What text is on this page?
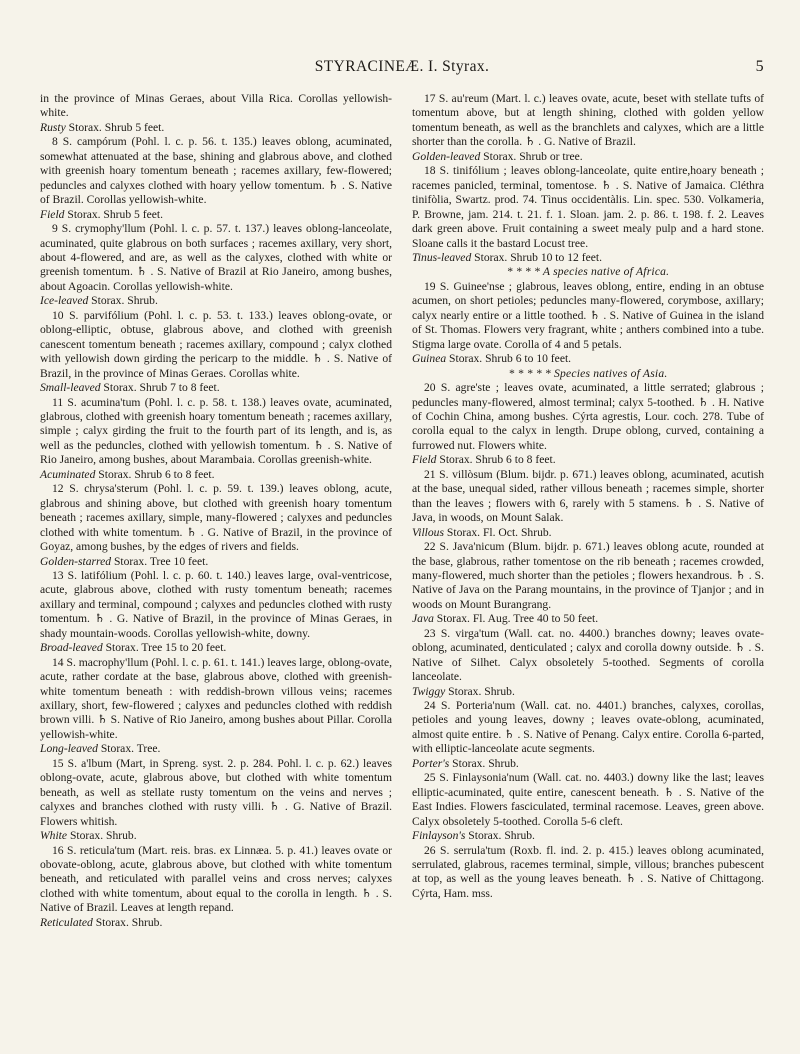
STYRACINEÆ. I. Styrax.	5

in the province of Minas Geraes, about Villa Rica. Corollas yellowish-white.

Rusty Storax. Shrub 5 feet.

8 S. campórum (Pohl. l. c. p. 56. t. 135.) leaves oblong, acuminated, somewhat attenuated at the base, shining and glabrous above, and clothed with greenish hoary tomentum beneath ; racemes axillary, few-flowered; peduncles and calyxes clothed with hoary yellow tomentum. ♄ . S. Native of Brazil. Corollas yellowish-white.

Field Storax. Shrub 5 feet.

9 S. crymophy'llum (Pohl. l. c. p. 57. t. 137.) leaves oblong-lanceolate, acuminated, quite glabrous on both surfaces ; racemes axillary, very short, about 4-flowered, and are, as well as the calyxes, clothed with white or greenish tomentum. ♄ . S. Native of Brazil at Rio Janeiro, among bushes, about Agoacin. Corollas yellowish-white.

Ice-leaved Storax. Shrub.

10 S. parvifólium (Pohl. l. c. p. 53. t. 133.) leaves oblong-ovate, or oblong-elliptic, obtuse, glabrous above, and clothed with greenish canescent tomentum beneath ; racemes axillary, compound ; calyx clothed with yellowish down girding the pericarp to the middle. ♄ . S. Native of Brazil, in the province of Minas Geraes. Corollas white.

Small-leaved Storax. Shrub 7 to 8 feet.

11 S. acumina'tum (Pohl. l. c. p. 58. t. 138.) leaves ovate, acuminated, glabrous, clothed with greenish hoary tomentum beneath ; racemes axillary, simple ; calyx girding the fruit to the fourth part of its length, and is, as well as the peduncles, clothed with yellowish tomentum. ♄ . S. Native of Rio Janeiro, among bushes, about Marambaia. Corollas greenish-white.

Acuminated Storax. Shrub 6 to 8 feet.

12 S. chrysa'sterum (Pohl. l. c. p. 59. t. 139.) leaves oblong, acute, glabrous and shining above, but clothed with greenish hoary tomentum beneath ; racemes axillary, simple, many-flowered ; calyxes and peduncles clothed with white tomentum. ♄ . G. Native of Brazil, in the province of Goyaz, among bushes, by the edges of rivers and fields.

Golden-starred Storax. Tree 10 feet.

13 S. latifólium (Pohl. l. c. p. 60. t. 140.) leaves large, oval-ventricose, acute, glabrous above, clothed with rusty tomentum beneath; racemes axillary and terminal, compound ; calyxes and peduncles clothed with rusty tomentum. ♄ . G. Native of Brazil, in the province of Minas Geraes, in shady mountain-woods. Corollas yellowish-white, downy.

Broad-leaved Storax. Tree 15 to 20 feet.

14 S. macrophy'llum (Pohl. l. c. p. 61. t. 141.) leaves large, oblong-ovate, acute, rather cordate at the base, glabrous above, clothed with greenish-white tomentum beneath : with reddish-brown villous veins; racemes axillary, short, few-flowered ; calyxes and peduncles clothed with reddish brown villi. ♄ S. Native of Rio Janeiro, among bushes about Pillar. Corolla yellowish-white.

Long-leaved Storax. Tree.

15 S. a'lbum (Mart, in Spreng. syst. 2. p. 284. Pohl. l. c. p. 62.) leaves oblong-ovate, acute, glabrous above, but clothed with white tomentum beneath, as well as stellate rusty tomentum on the veins and nerves ; calyxes and branches clothed with rusty villi. ♄ . G. Native of Brazil. Flowers whitish.

White Storax. Shrub.

16 S. reticula'tum (Mart. reis. bras. ex Linnæa. 5. p. 41.) leaves ovate or obovate-oblong, acute, glabrous above, but clothed with white tomentum beneath, and reticulated with parallel veins and cross nerves; calyxes clothed with white tomentum, about equal to the corolla in length. ♄ . S. Native of Brazil. Leaves at length repand.

Reticulated Storax. Shrub.

17 S. au'reum (Mart. l. c.) leaves ovate, acute, beset with stellate tufts of tomentum above, but at length shining, clothed with golden yellow tomentum beneath, as well as the branchlets and calyxes, which are a little shorter than the corolla. ♄ . G. Native of Brazil.

Golden-leaved Storax. Shrub or tree.

18 S. tinifólium ; leaves oblong-lanceolate, quite entire,hoary beneath ; racemes panicled, terminal, tomentose. ♄ . S. Native of Jamaica. Cléthra tinifòlia, Swartz. prod. 74. Tìnus occidentàlis. Lin. spec. 530. Volkameria, P. Browne, jam. 214. t. 21. f. 1. Sloan. jam. 2. p. 86. t. 198. f. 2. Leaves dark green above. Fruit containing a sweet mealy pulp and a hard stone. Sloane calls it the bastard Locust tree.

Tinus-leaved Storax. Shrub 10 to 12 feet.

* * * * A species native of Africa.

19 S. Guinee'nse ; glabrous, leaves oblong, entire, ending in an obtuse acumen, on short petioles; peduncles many-flowered, corymbose, axillary; calyx nearly entire or a little toothed. ♄ . S. Native of Guinea in the island of St. Thomas. Flowers very fragrant, white ; anthers combined into a tube. Stigma large ovate. Corolla of 4 and 5 petals.

Guinea Storax. Shrub 6 to 10 feet.

* * * * * Species natives of Asia.

20 S. agre'ste ; leaves ovate, acuminated, a little serrated; glabrous ; peduncles many-flowered, almost terminal; calyx 5-toothed. ♄ . H. Native of Cochin China, among bushes. Cýrta agrestis, Lour. coch. 278. Tube of corolla equal to the calyx in length. Drupe oblong, curved, containing a furrowed nut. Flowers white.

Field Storax. Shrub 6 to 8 feet.

21 S. villòsum (Blum. bijdr. p. 671.) leaves oblong, acuminated, acutish at the base, unequal sided, rather villous beneath ; racemes simple, shorter than the leaves ; flowers with 6, rarely with 5 stamens. ♄ . S. Native of Java, in woods, on Mount Salak.

Villous Storax. Fl. Oct. Shrub.

22 S. Java'nicum (Blum. bijdr. p. 671.) leaves oblong acute, rounded at the base, glabrous, rather tomentose on the rib beneath ; racemes crowded, many-flowered, much shorter than the petioles ; flowers hexandrous. ♄ . S. Native of Java on the Parang mountains, in the province of Tjanjor ; and in woods on Mount Burangrang.

Java Storax. Fl. Aug. Tree 40 to 50 feet.

23 S. virga'tum (Wall. cat. no. 4400.) branches downy; leaves ovate-oblong, acuminated, denticulated ; calyx and corolla downy outside. ♄ . S. Native of Silhet. Calyx obsoletely 5-toothed. Segments of corolla lanceolate.

Twiggy Storax. Shrub.

24 S. Porteria'num (Wall. cat. no. 4401.) branches, calyxes, corollas, petioles and young leaves, downy ; leaves ovate-oblong, acuminated, almost quite entire. ♄ . S. Native of Penang. Calyx entire. Corolla 6-parted, with elliptic-lanceolate acute segments.

Porter's Storax. Shrub.

25 S. Finlaysonia'num (Wall. cat. no. 4403.) downy like the last; leaves elliptic-acuminated, quite entire, canescent beneath. ♄ . S. Native of the East Indies. Flowers fasciculated, terminal racemose. Leaves, green above. Calyx obsoletely 5-toothed. Corolla 5-6 cleft.

Finlayson's Storax. Shrub.

26 S. serrula'tum (Roxb. fl. ind. 2. p. 415.) leaves oblong acuminated, serrulated, glabrous, racemes terminal, simple, villous; branches pubescent at top, as well as the young leaves beneath. ♄ . S. Native of Chittagong. Cýrta, Ham. mss.
